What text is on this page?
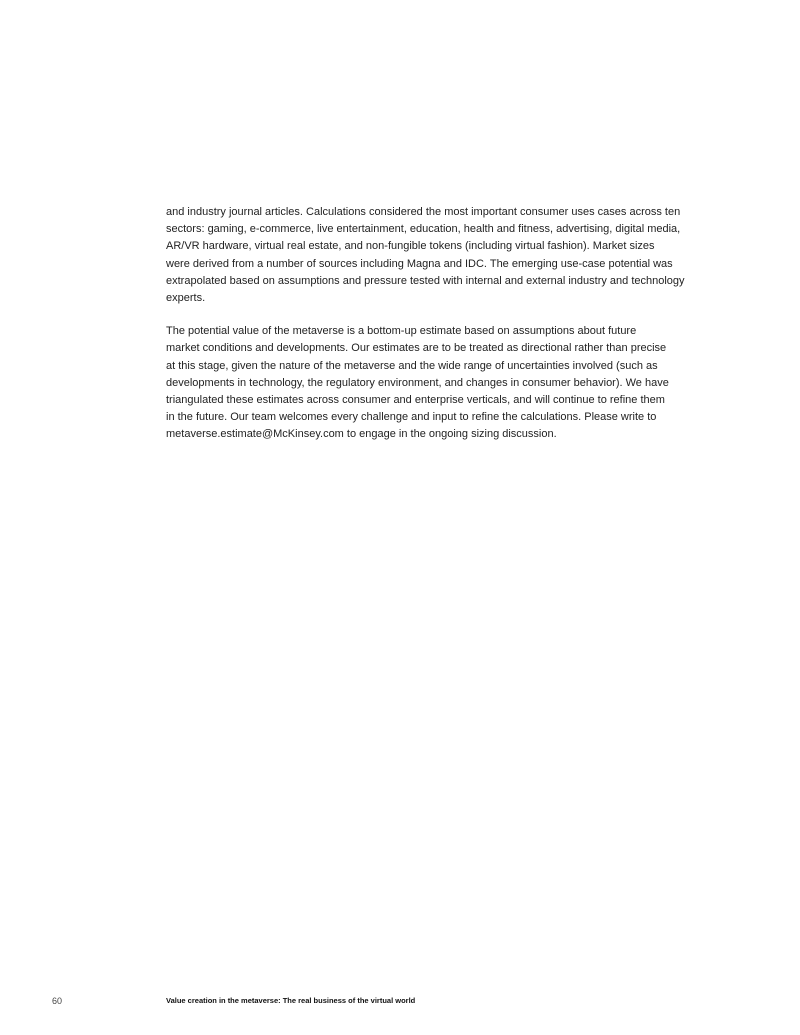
and industry journal articles. Calculations considered the most important consumer uses cases across ten
sectors: gaming, e-commerce, live entertainment, education, health and fitness, advertising, digital media,
AR/VR hardware, virtual real estate, and non-fungible tokens (including virtual fashion). Market sizes
were derived from a number of sources including Magna and IDC. The emerging use-case potential was
extrapolated based on assumptions and pressure tested with internal and external industry and technology
experts.

The potential value of the metaverse is a bottom-up estimate based on assumptions about future
market conditions and developments. Our estimates are to be treated as directional rather than precise
at this stage, given the nature of the metaverse and the wide range of uncertainties involved (such as
developments in technology, the regulatory environment, and changes in consumer behavior). We have
triangulated these estimates across consumer and enterprise verticals, and will continue to refine them
in the future. Our team welcomes every challenge and input to refine the calculations. Please write to
metaverse.estimate@McKinsey.com to engage in the ongoing sizing discussion.

60	Value creation in the metaverse: The real business of the virtual world
